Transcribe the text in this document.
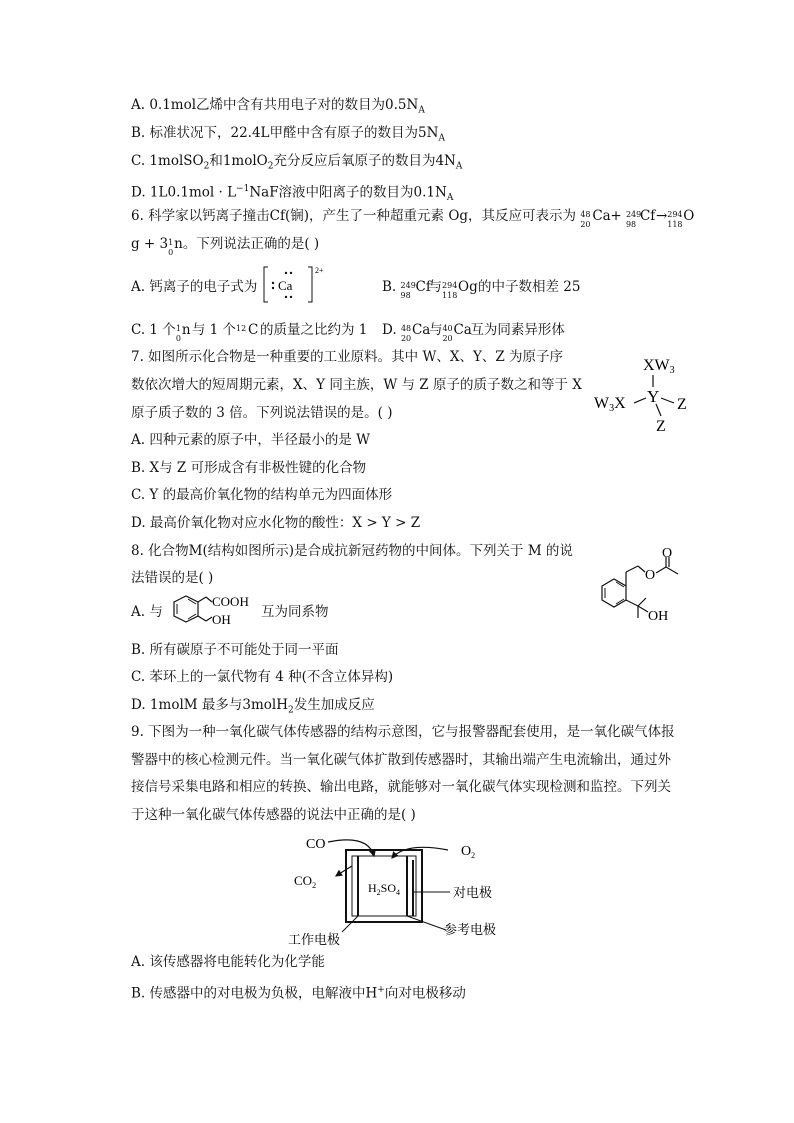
A. 0.1mol乙烯中含有共用电子对的数目为$0.5N_A$
B. 标准状况下，22.4L甲醛中含有原子的数目为$5N_A$
C. 1molSO$_2$和1molO$_2$充分反应后氧原子的数目为$4N_A$
D. $1L0.1mol \cdot L^{-1}NaF$溶液中阳离子的数目为$0.1N_A$
6. 科学家以钙离子撞击Cf(锎)，产生了一种超重元素 Og，其反应可表示为 48
20
Ca + 249
98
Cf → 294
118
O
g + 3 1
0
n。下列说法正确的是( )
A. 钙离子的电子式为
2+
Ca	B. 249
98
Cf
与 294
118
Og 的中子数相差 25
C. 1 个 1
0
n 与 1 个 12 C 的质量之比约为 1 D. 48
20
Ca
与 40
20
Ca
互为同素异形体
7. 如图所示化合物是一种重要的工业原料。其中 W、X、Y、Z 为原子序
数依次增大的短周期元素，X、Y 同主族，W 与 Z 原子的质子数之和等于 X
原子质子数的 3 倍。下列说法错误的是。( )
A. 四种元素的原子中，半径最小的是 W
B. X与 Z 可形成含有非极性键的化合物
C. Y 的最高价氧化物的结构单元为四面体形
D. 最高价氧化物对应水化物的酸性：X > Y > Z
XW3
Y
W3X	Z
Z
8. 化合物M(结构如图所示)是合成抗新冠药物的中间体。下列关于 M 的说
法错误的是( )
A. 与
COOH
OH 互为同系物
B. 所有碳原子不可能处于同一平面
C. 苯环上的一氯代物有 4 种(不含立体异构)
D. 1molM 最多与3molH$_2$发生加成反应
O
O
OH
9. 下图为一种一氧化碳气体传感器的结构示意图，它与报警器配套使用，是一氧化碳气体报
警器中的核心检测元件。当一氧化碳气体扩散到传感器时，其输出端产生电流输出，通过外
接信号采集电路和相应的转换、输出电路，就能够对一氧化碳气体实现检测和监控。下列关
于这种一氧化碳气体传感器的说法中正确的是( )
CO
$CO_2$
$O_2$
$H_2SO_4$	对电极
参考电极
工作电极
A. 该传感器将电能转化为化学能
B. 传感器中的对电极为负极，电解液中H+向对电极移动
